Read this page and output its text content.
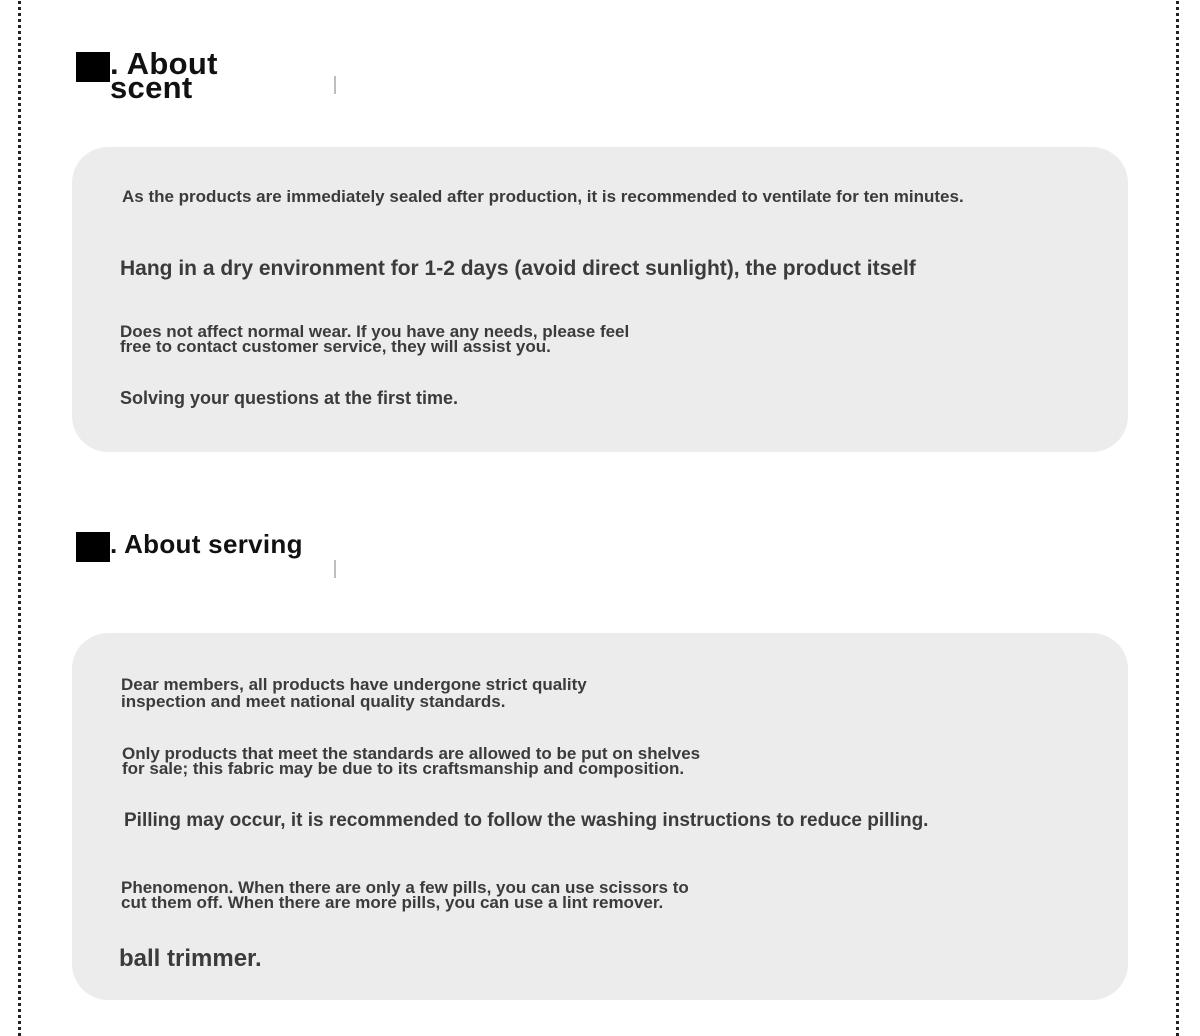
. About
scent
As the products are immediately sealed after production, it is recommended to ventilate for ten minutes.
Hang in a dry environment for 1-2 days (avoid direct sunlight), the product itself
Does not affect normal wear. If you have any needs, please feel
free to contact customer service, they will assist you.
Solving your questions at the first time.
. About serving
Dear members, all products have undergone strict quality
inspection and meet national quality standards.
Only products that meet the standards are allowed to be put on shelves
for sale; this fabric may be due to its craftsmanship and composition.
Pilling may occur, it is recommended to follow the washing instructions to reduce pilling.
Phenomenon. When there are only a few pills, you can use scissors to
cut them off. When there are more pills, you can use a lint remover.
ball trimmer.
